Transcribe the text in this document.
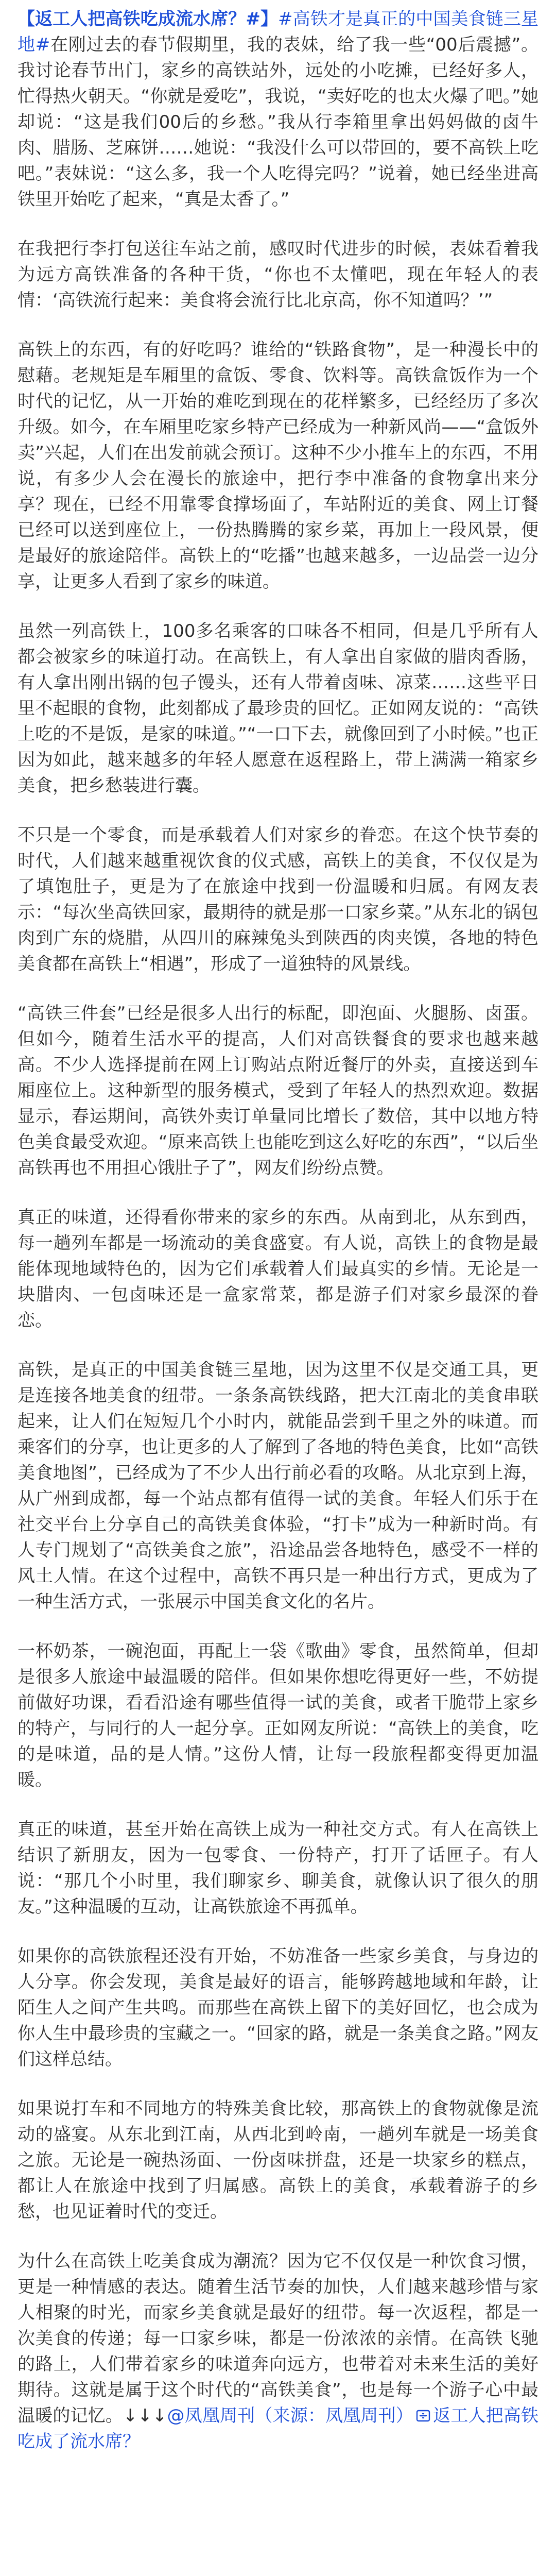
【返工人把高铁吃成流水席？#】#高铁才是真正的中国美食链三星地#在刚过去的春节假期里，我的表妹，给了我一些“00后震撼”。我讨论春节出门，家乡的高铁站外，远处的小吃摊，已经好多人，忙得热火朝天。“你就是爱吃”，我说，“卖好吃的也太火爆了吧。”她却说：“这是我们00后的乡愁。”我从行李箱里拿出妈妈做的卤牛肉、腊肠、芝麻饼……她说：“我没什么可以带回的，要不高铁上吃吧。”表妹说：“这么多，我一个人吃得完吗？”说着，她已经坐进高铁里开始吃了起来，“真是太香了。”

在我把行李打包送往车站之前，感叹时代进步的时候，表妹看着我为远方高铁准备的各种干货，“你也不太懂吧，现在年轻人的表情：‘高铁流行起来：美食将会流行比北京高，你不知道吗？’”

高铁上的东西，有的好吃吗？谁给的“铁路食物”，是一种漫长中的慰藉。老规矩是车厢里的盒饭、零食、饮料等。高铁盒饭作为一个时代的记忆，从一开始的难吃到现在的花样繁多，已经经历了多次升级。如今，在车厢里吃家乡特产已经成为一种新风尚——“盒饭外卖”兴起，人们在出发前就会预订。这种不少小推车上的东西，不用说，有多少人会在漫长的旅途中，把行李中准备的食物拿出来分享？现在，已经不用靠零食撑场面了，车站附近的美食、网上订餐已经可以送到座位上，一份热腾腾的家乡菜，再加上一段风景，便是最好的旅途陪伴。高铁上的“吃播”也越来越多，一边品尝一边分享，让更多人看到了家乡的味道。

虽然一列高铁上，100多名乘客的口味各不相同，但是几乎所有人都会被家乡的味道打动。在高铁上，有人拿出自家做的腊肉香肠，有人拿出刚出锅的包子馒头，还有人带着卤味、凉菜……这些平日里不起眼的食物，此刻都成了最珍贵的回忆。正如网友说的：“高铁上吃的不是饭，是家的味道。”“一口下去，就像回到了小时候。”也正因为如此，越来越多的年轻人愿意在返程路上，带上满满一箱家乡美食，把乡愁装进行囊。

不只是一个零食，而是承载着人们对家乡的眷恋。在这个快节奏的时代，人们越来越重视饮食的仪式感，高铁上的美食，不仅仅是为了填饱肚子，更是为了在旅途中找到一份温暖和归属。有网友表示：“每次坐高铁回家，最期待的就是那一口家乡菜。”从东北的锅包肉到广东的烧腊，从四川的麻辣兔头到陕西的肉夹馍，各地的特色美食都在高铁上“相遇”，形成了一道独特的风景线。

“高铁三件套”已经是很多人出行的标配，即泡面、火腿肠、卤蛋。但如今，随着生活水平的提高，人们对高铁餐食的要求也越来越高。不少人选择提前在网上订购站点附近餐厅的外卖，直接送到车厢座位上。这种新型的服务模式，受到了年轻人的热烈欢迎。数据显示，春运期间，高铁外卖订单量同比增长了数倍，其中以地方特色美食最受欢迎。“原来高铁上也能吃到这么好吃的东西”，“以后坐高铁再也不用担心饿肚子了”，网友们纷纷点赞。

真正的味道，还得看你带来的家乡的东西。从南到北，从东到西，每一趟列车都是一场流动的美食盛宴。有人说，高铁上的食物是最能体现地域特色的，因为它们承载着人们最真实的乡情。无论是一块腊肉、一包卤味还是一盒家常菜，都是游子们对家乡最深的眷恋。

高铁，是真正的中国美食链三星地，因为这里不仅是交通工具，更是连接各地美食的纽带。一条条高铁线路，把大江南北的美食串联起来，让人们在短短几个小时内，就能品尝到千里之外的味道。而乘客们的分享，也让更多的人了解到了各地的特色美食，比如“高铁美食地图”，已经成为了不少人出行前必看的攻略。从北京到上海，从广州到成都，每一个站点都有值得一试的美食。年轻人们乐于在社交平台上分享自己的高铁美食体验，“打卡”成为一种新时尚。有人专门规划了“高铁美食之旅”，沿途品尝各地特色，感受不一样的风土人情。在这个过程中，高铁不再只是一种出行方式，更成为了一种生活方式，一张展示中国美食文化的名片。

一杯奶茶，一碗泡面，再配上一袋《歌曲》零食，虽然简单，但却是很多人旅途中最温暖的陪伴。但如果你想吃得更好一些，不妨提前做好功课，看看沿途有哪些值得一试的美食，或者干脆带上家乡的特产，与同行的人一起分享。正如网友所说：“高铁上的美食，吃的是味道，品的是人情。”这份人情，让每一段旅程都变得更加温暖。

真正的味道，甚至开始在高铁上成为一种社交方式。有人在高铁上结识了新朋友，因为一包零食、一份特产，打开了话匣子。有人说：“那几个小时里，我们聊家乡、聊美食，就像认识了很久的朋友。”这种温暖的互动，让高铁旅途不再孤单。

如果你的高铁旅程还没有开始，不妨准备一些家乡美食，与身边的人分享。你会发现，美食是最好的语言，能够跨越地域和年龄，让陌生人之间产生共鸣。而那些在高铁上留下的美好回忆，也会成为你人生中最珍贵的宝藏之一。“回家的路，就是一条美食之路。”网友们这样总结。

如果说打车和不同地方的特殊美食比较，那高铁上的食物就像是流动的盛宴。从东北到江南，从西北到岭南，一趟列车就是一场美食之旅。无论是一碗热汤面、一份卤味拼盘，还是一块家乡的糕点，都让人在旅途中找到了归属感。高铁上的美食，承载着游子的乡愁，也见证着时代的变迁。

为什么在高铁上吃美食成为潮流？因为它不仅仅是一种饮食习惯，更是一种情感的表达。随着生活节奏的加快，人们越来越珍惜与家人相聚的时光，而家乡美食就是最好的纽带。每一次返程，都是一次美食的传递；每一口家乡味，都是一份浓浓的亲情。在高铁飞驰的路上，人们带着家乡的味道奔向远方，也带着对未来生活的美好期待。这就是属于这个时代的“高铁美食”，也是每一个游子心中最温暖的记忆。↓↓↓@凤凰周刊（来源：凤凰周刊） 返工人把高铁吃成了流水席？
